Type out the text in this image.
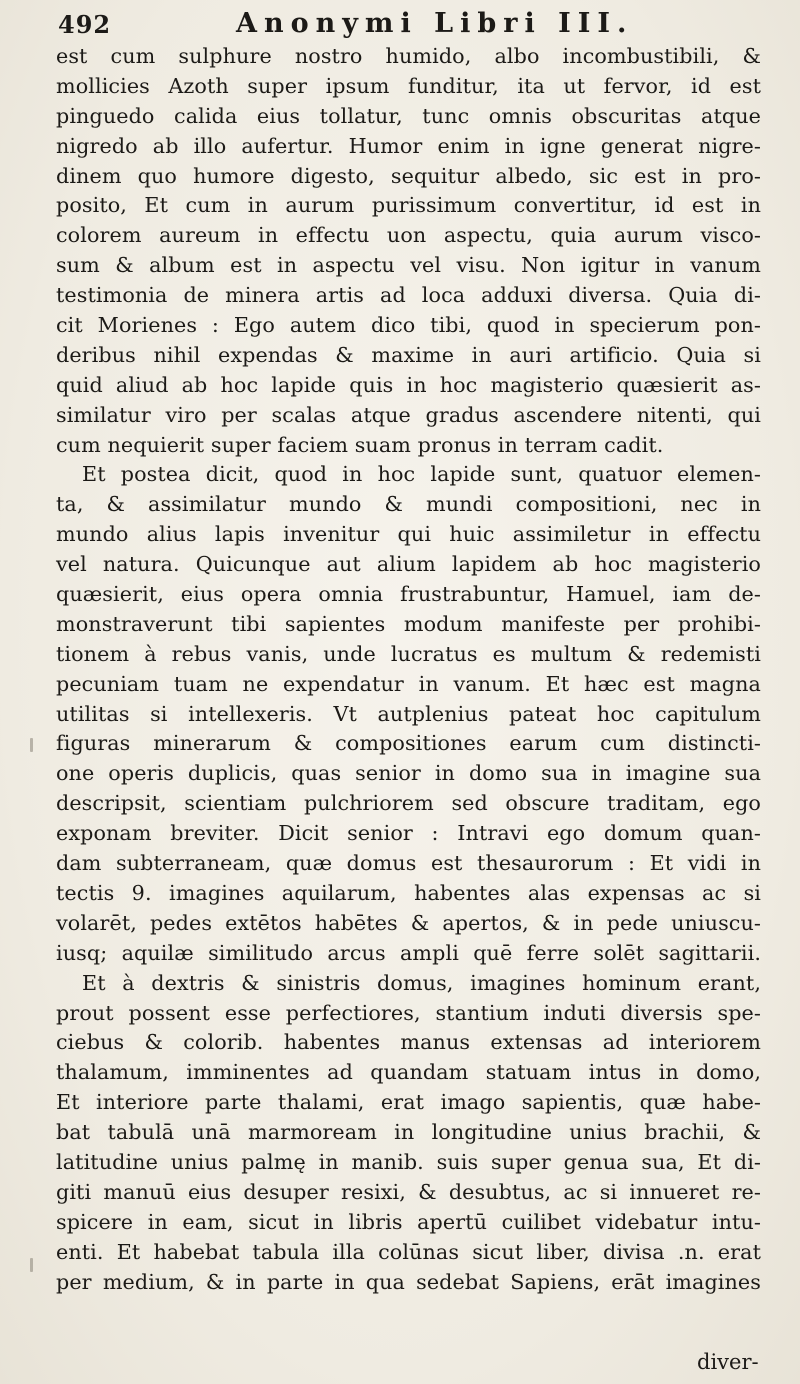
492	Anonymi Libri III.
est cum sulphure nostro humido, albo incombustibili, &
mollicies Azoth super ipsum funditur, ita ut fervor, id est
pinguedo calida eius tollatur, tunc omnis obscuritas atque
nigredo ab illo aufertur. Humor enim in igne generat nigre-
dinem quo humore digesto, sequitur albedo, sic est in pro-
posito, Et cum in aurum purissimum convertitur, id est in
colorem aureum in effectu uon aspectu, quia aurum visco-
sum & album est in aspectu vel visu. Non igitur in vanum
testimonia de minera artis ad loca adduxi diversa. Quia di-
cit Morienes : Ego autem dico tibi, quod in specierum pon-
deribus nihil expendas & maxime in auri artificio. Quia si
quid aliud ab hoc lapide quis in hoc magisterio quæsierit as-
similatur viro per scalas atque gradus ascendere nitenti, qui
cum nequierit super faciem suam pronus in terram cadit.
Et postea dicit, quod in hoc lapide sunt, quatuor elemen-
ta, & assimilatur mundo & mundi compositioni, nec in
mundo alius lapis invenitur qui huic assimiletur in effectu
vel natura. Quicunque aut alium lapidem ab hoc magisterio
quæsierit, eius opera omnia frustrabuntur, Hamuel, iam de-
monstraverunt tibi sapientes modum manifeste per prohibi-
tionem à rebus vanis, unde lucratus es multum & redemisti
pecuniam tuam ne expendatur in vanum. Et hæc est magna
utilitas si intellexeris. Vt autplenius pateat hoc capitulum
figuras minerarum & compositiones earum cum distincti-
one operis duplicis, quas senior in domo sua in imagine sua
descripsit, scientiam pulchriorem sed obscure traditam, ego
exponam breviter. Dicit senior : Intravi ego domum quan-
dam subterraneam, quæ domus est thesaurorum : Et vidi in
tectis 9. imagines aquilarum, habentes alas expensas ac si
volarēt, pedes extētos habētes & apertos, & in pede uniuscu-
iusq; aquilæ similitudo arcus ampli quē ferre solēt sagittarii.
Et à dextris & sinistris domus, imagines hominum erant,
prout possent esse perfectiores, stantium induti diversis spe-
ciebus & colorib. habentes manus extensas ad interiorem
thalamum, imminentes ad quandam statuam intus in domo,
Et interiore parte thalami, erat imago sapientis, quæ habe-
bat tabulā unā marmoream in longitudine unius brachii, &
latitudine unius palmę in manib. suis super genua sua, Et di-
giti manuū eius desuper resixi, & desubtus, ac si innueret re-
spicere in eam, sicut in libris apertū cuilibet videbatur intu-
enti. Et habebat tabula illa colūnas sicut liber, divisa .n. erat
per medium, & in parte in qua sedebat Sapiens, erāt imagines
diver-
